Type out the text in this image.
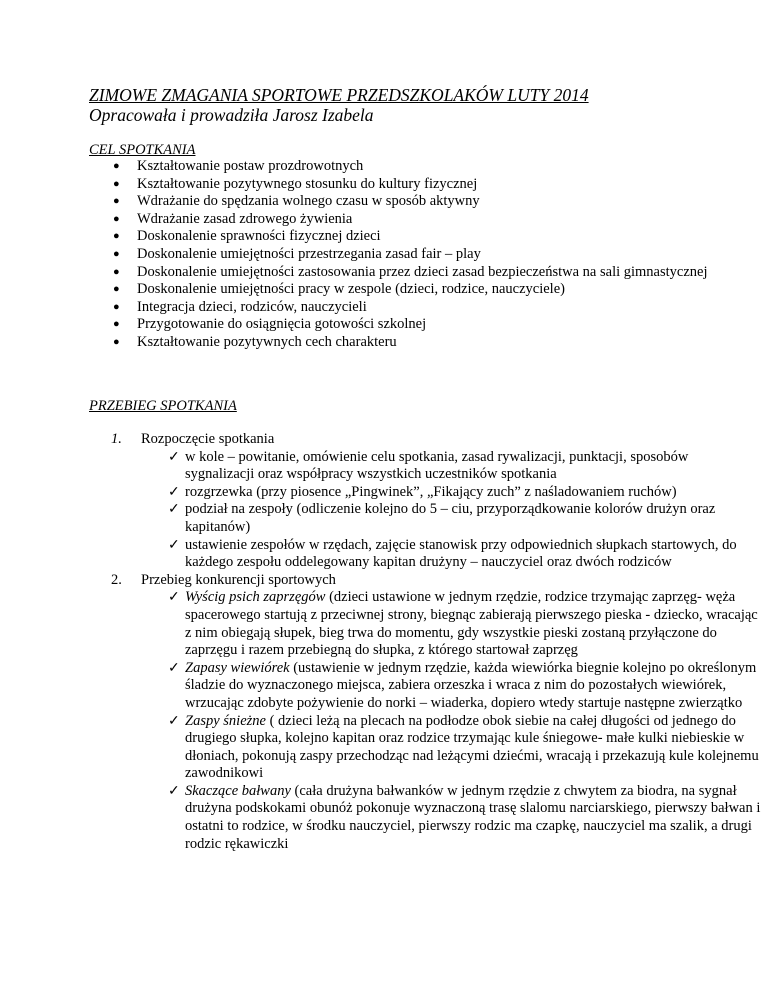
ZIMOWE ZMAGANIA SPORTOWE PRZEDSZKOLAKÓW LUTY 2014
Opracowała i prowadziła Jarosz Izabela
CEL SPOTKANIA
● Kształtowanie postaw prozdrowotnych
● Kształtowanie pozytywnego stosunku do kultury fizycznej
● Wdrażanie do spędzania wolnego czasu w sposób aktywny
● Wdrażanie zasad zdrowego żywienia
● Doskonalenie sprawności fizycznej dzieci
● Doskonalenie umiejętności przestrzegania zasad fair – play
● Doskonalenie umiejętności zastosowania przez dzieci zasad bezpieczeństwa na sali gimnastycznej
● Doskonalenie umiejętności pracy w zespole (dzieci, rodzice, nauczyciele)
● Integracja dzieci, rodziców, nauczycieli
● Przygotowanie do osiągnięcia gotowości szkolnej
● Kształtowanie pozytywnych cech charakteru
PRZEBIEG SPOTKANIA
1. Rozpoczęcie spotkania
✓ w kole – powitanie, omówienie celu spotkania, zasad rywalizacji, punktacji, sposobów sygnalizacji oraz współpracy wszystkich uczestników spotkania
✓ rozgrzewka (przy piosence „Pingwinek”, „Fikający zuch” z naśladowaniem ruchów)
✓ podział na zespoły (odliczenie kolejno do 5 – ciu, przyporządkowanie kolorów drużyn oraz kapitanów)
✓ ustawienie zespołów w rzędach, zajęcie stanowisk przy odpowiednich słupkach startowych, do każdego zespołu oddelegowany kapitan drużyny – nauczyciel oraz dwóch rodziców
2. Przebieg konkurencji sportowych
✓ Wyścig psich zaprzęgów (dzieci ustawione w jednym rzędzie, rodzice trzymając zaprzęg- węża spacerowego startują z przeciwnej strony, biegnąc zabierają pierwszego pieska - dziecko, wracając z nim obiegają słupek, bieg trwa do momentu, gdy wszystkie pieski zostaną przyłączone do zaprzęgu i razem przebiegną do słupka, z którego startował zaprzęg
✓ Zapasy wiewiórek (ustawienie w jednym rzędzie, każda wiewiórka biegnie kolejno po określonym śladzie do wyznaczonego miejsca, zabiera orzeszka i wraca z nim do pozostałych wiewiórek, wrzucając zdobyte pożywienie do norki – wiaderka, dopiero wtedy startuje następne zwierzątko
✓ Zaspy śnieżne ( dzieci leżą na plecach na podłodze obok siebie na całej długości od jednego do drugiego słupka, kolejno kapitan oraz rodzice trzymając kule śniegowe- małe kulki niebieskie w dłoniach, pokonują zaspy przechodząc nad leżącymi dziećmi, wracają i przekazują kule kolejnemu zawodnikowi
✓ Skaczące bałwany (cała drużyna bałwanków w jednym rzędzie z chwytem za biodra, na sygnał drużyna podskokami obunóż pokonuje wyznaczoną trasę slalomu narciarskiego, pierwszy bałwan i ostatni to rodzice, w środku nauczyciel, pierwszy rodzic ma czapkę, nauczyciel ma szalik, a drugi rodzic rękawiczki
